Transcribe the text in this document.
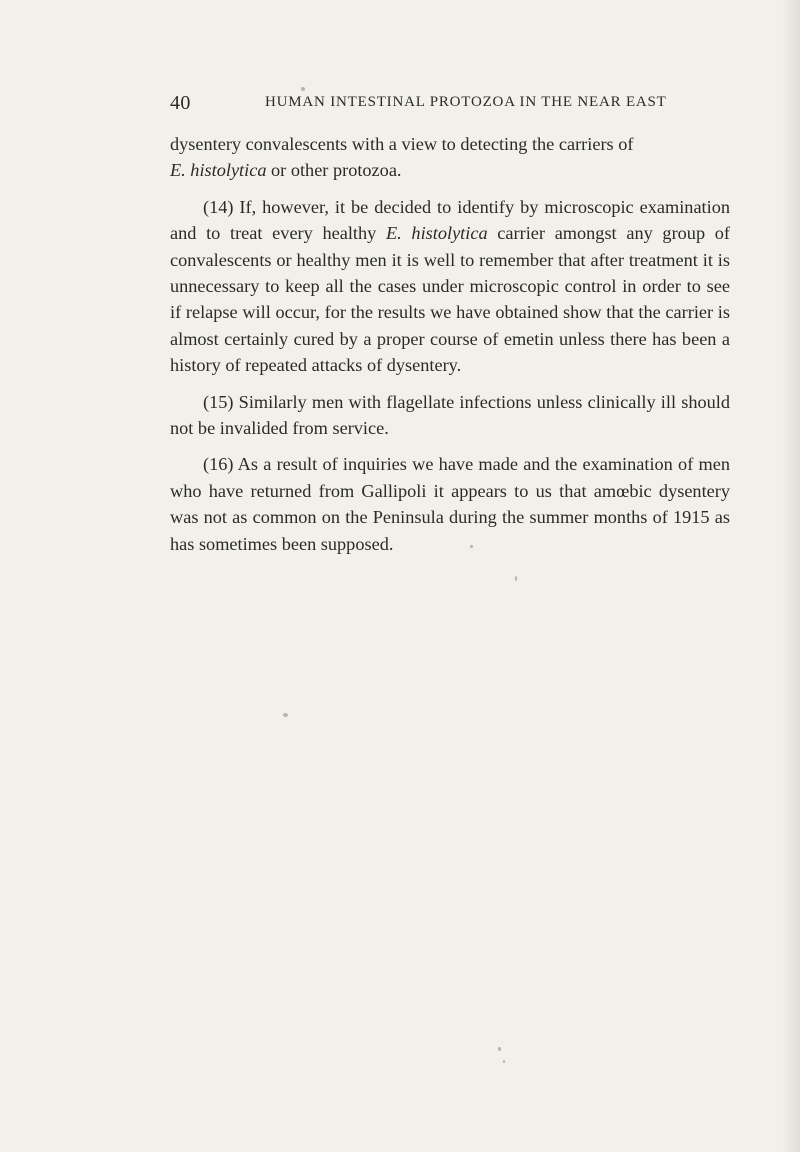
40	HUMAN INTESTINAL PROTOZOA IN THE NEAR EAST

dysentery convalescents with a view to detecting the carriers of
E. histolytica or other protozoa.

(14) If, however, it be decided to identify by microscopic examination and to treat every healthy E. histolytica carrier amongst any group of convalescents or healthy men it is well to remember that after treatment it is unnecessary to keep all the cases under microscopic control in order to see if relapse will occur, for the results we have obtained show that the carrier is almost certainly cured by a proper course of emetin unless there has been a history of repeated attacks of dysentery.

(15) Similarly men with flagellate infections unless clinically ill should not be invalided from service.

(16) As a result of inquiries we have made and the examination of men who have returned from Gallipoli it appears to us that amœbic dysentery was not as common on the Peninsula during the summer months of 1915 as has sometimes been supposed.
